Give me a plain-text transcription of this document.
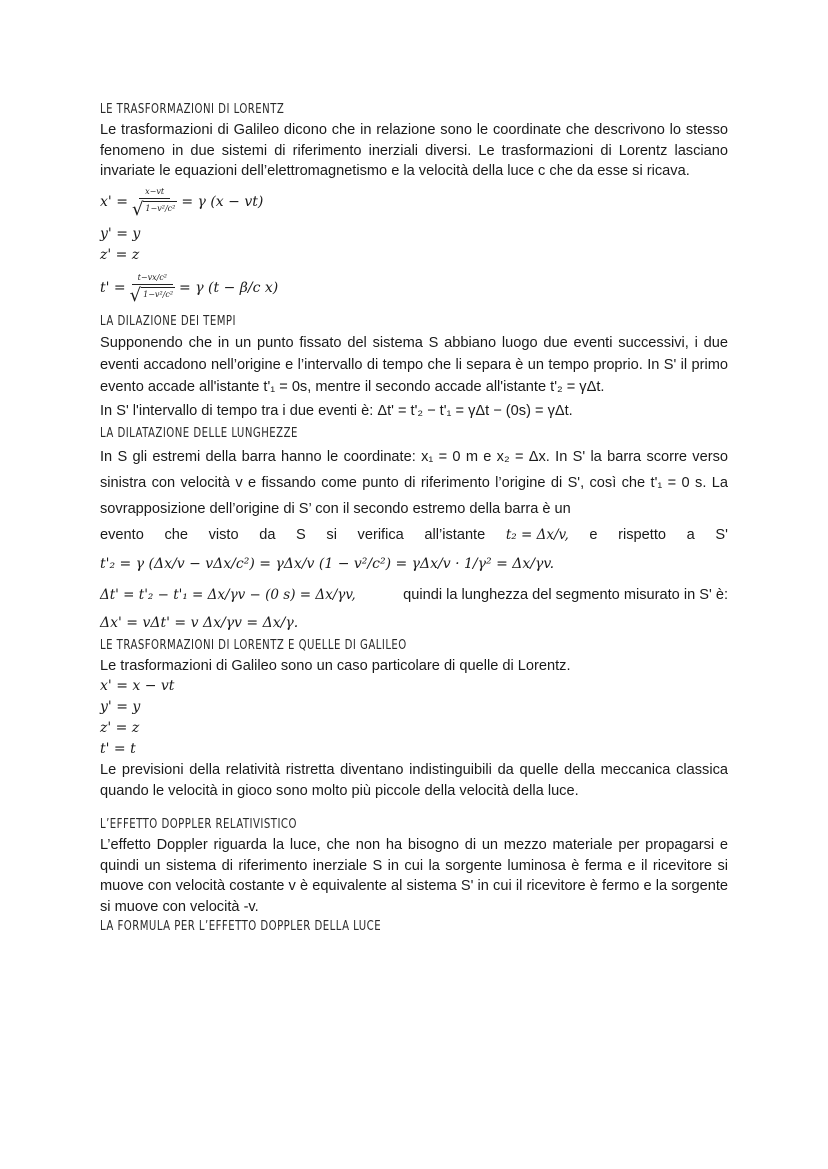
LE TRASFORMAZIONI DI LORENTZ

Le trasformazioni di Galileo dicono che in relazione sono le coordinate che descrivono lo stesso fenomeno in due sistemi di riferimento inerziali diversi. Le trasformazioni di Lorentz lasciano invariate le equazioni dell’elettromagnetismo e la velocità della luce c che da esse si ricava.

$x' = \frac{x-vt}{\text{√ 1−v²/c²}} = \gamma$ (x − vt)
y' = y
z' = z
$t' = \frac{\text{t−vx/c²}}{\text{√ 1−v²/c²}} = \gamma$ (t − β/c x)
LA DILAZIONE DEI TEMPI

Supponendo che in un punto fissato del sistema S abbiano luogo due eventi successivi, i due eventi accadono nell’origine e l’intervallo di tempo che li separa è un tempo proprio. In S' il primo evento accade all'istante t'₁ = 0s, mentre il secondo accade all'istante t'₂ = γΔt.

In S' l'intervallo di tempo tra i due eventi è: Δt' = t'₂ − t'₁ = γΔt − (0s) = γΔt.

LA DILATAZIONE DELLE LUNGHEZZE

In S gli estremi della barra hanno le coordinate: x₁ = 0 m e x₂ = Δx. In S' la barra scorre verso sinistra con velocità v e fissando come punto di riferimento l’origine di S', così che t'₁ = 0 s. La sovrapposizione dell’origine di S’ con il secondo estremo della barra è un

evento che visto da S si verifica all’istante t₂ = Δx/v, e rispetto a S'
t'₂ = γ (Δx/v − vΔx/c²) = γΔx/v (1 − v²/c²) = γΔx/v · 1/γ² = Δx/γv.
Δt' = t'₂ − t'₁ = Δx/γv − (0 s) = Δx/γv,	quindi la lunghezza del segmento misurato in S' è:
Δx' = vΔt' = v Δx/γv = Δx/γ.
LE TRASFORMAZIONI DI LORENTZ E QUELLE DI GALILEO

Le trasformazioni di Galileo sono un caso particolare di quelle di Lorentz.

x' = x − vt
y' = y
z' = z
t' = t

Le previsioni della relatività ristretta diventano indistinguibili da quelle della meccanica classica quando le velocità in gioco sono molto più piccole della velocità della luce.

L’EFFETTO DOPPLER RELATIVISTICO

L’effetto Doppler riguarda la luce, che non ha bisogno di un mezzo materiale per propagarsi e quindi un sistema di riferimento inerziale S in cui la sorgente luminosa è ferma e il ricevitore si muove con velocità costante v è equivalente al sistema S' in cui il ricevitore è fermo e la sorgente si muove con velocità -v.

LA FORMULA PER L’EFFETTO DOPPLER DELLA LUCE
